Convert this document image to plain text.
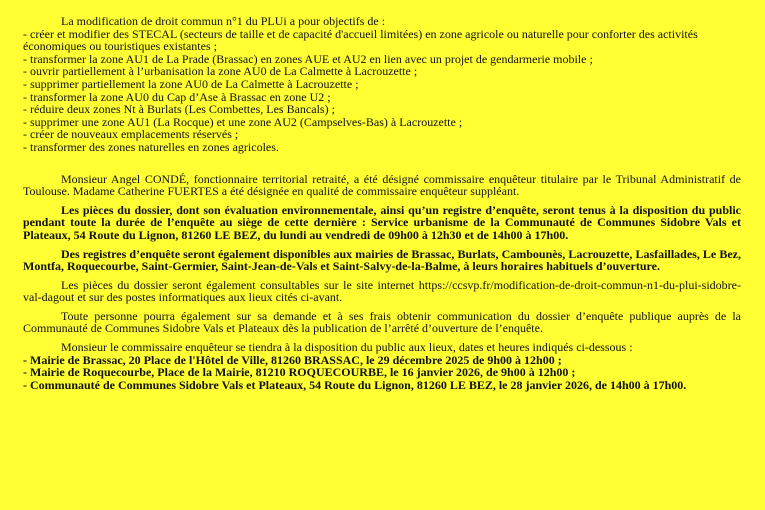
La modification de droit commun n°1 du PLUi a pour objectifs de :

- créer et modifier des STECAL (secteurs de taille et de capacité d'accueil limitées) en zone agricole ou naturelle pour conforter des activités économiques ou touristiques existantes ;
- transformer la zone AU1 de La Prade (Brassac) en zones AUE et AU2 en lien avec un projet de gendarmerie mobile ;
- ouvrir partiellement à l’urbanisation la zone AU0 de La Calmette à Lacrouzette ;
- supprimer partiellement la zone AU0 de La Calmette à Lacrouzette ;
- transformer la zone AU0 du Cap d’Ase à Brassac en zone U2 ;
- réduire deux zones Nt à Burlats (Les Combettes, Les Bancals) ;
- supprimer une zone AU1 (La Rocque) et une zone AU2 (Campselves-Bas) à Lacrouzette ;
- créer de nouveaux emplacements réservés ;
- transformer des zones naturelles en zones agricoles.

Monsieur Angel CONDÉ, fonctionnaire territorial retraité, a été désigné commissaire enquêteur titulaire par le Tribunal Administratif de Toulouse. Madame Catherine FUERTES a été désignée en qualité de commissaire enquêteur suppléant.

Les pièces du dossier, dont son évaluation environnementale, ainsi qu’un registre d’enquête, seront tenus à la disposition du public pendant toute la durée de l’enquête au siège de cette dernière : Service urbanisme de la Communauté de Communes Sidobre Vals et Plateaux, 54 Route du Lignon, 81260 LE BEZ, du lundi au vendredi de 09h00 à 12h30 et de 14h00 à 17h00.

Des registres d’enquête seront également disponibles aux mairies de Brassac, Burlats, Cambounès, Lacrouzette, Lasfaillades, Le Bez, Montfa, Roquecourbe, Saint-Germier, Saint-Jean-de-Vals et Saint-Salvy-de-la-Balme, à leurs horaires habituels d’ouverture.

Les pièces du dossier seront également consultables sur le site internet https://ccsvp.fr/modification-de-droit-commun-n1-du-plui-sidobre-val-dagout et sur des postes informatiques aux lieux cités ci-avant.

Toute personne pourra également sur sa demande et à ses frais obtenir communication du dossier d’enquête publique auprès de la Communauté de Communes Sidobre Vals et Plateaux dès la publication de l’arrêté d’ouverture de l’enquête.

Monsieur le commissaire enquêteur se tiendra à la disposition du public aux lieux, dates et heures indiqués ci-dessous :

- Mairie de Brassac, 20 Place de l'Hôtel de Ville, 81260 BRASSAC, le 29 décembre 2025 de 9h00 à 12h00 ;
- Mairie de Roquecourbe, Place de la Mairie, 81210 ROQUECOURBE, le 16 janvier 2026, de 9h00 à 12h00 ;
- Communauté de Communes Sidobre Vals et Plateaux, 54 Route du Lignon, 81260 LE BEZ, le 28 janvier 2026, de 14h00 à 17h00.
